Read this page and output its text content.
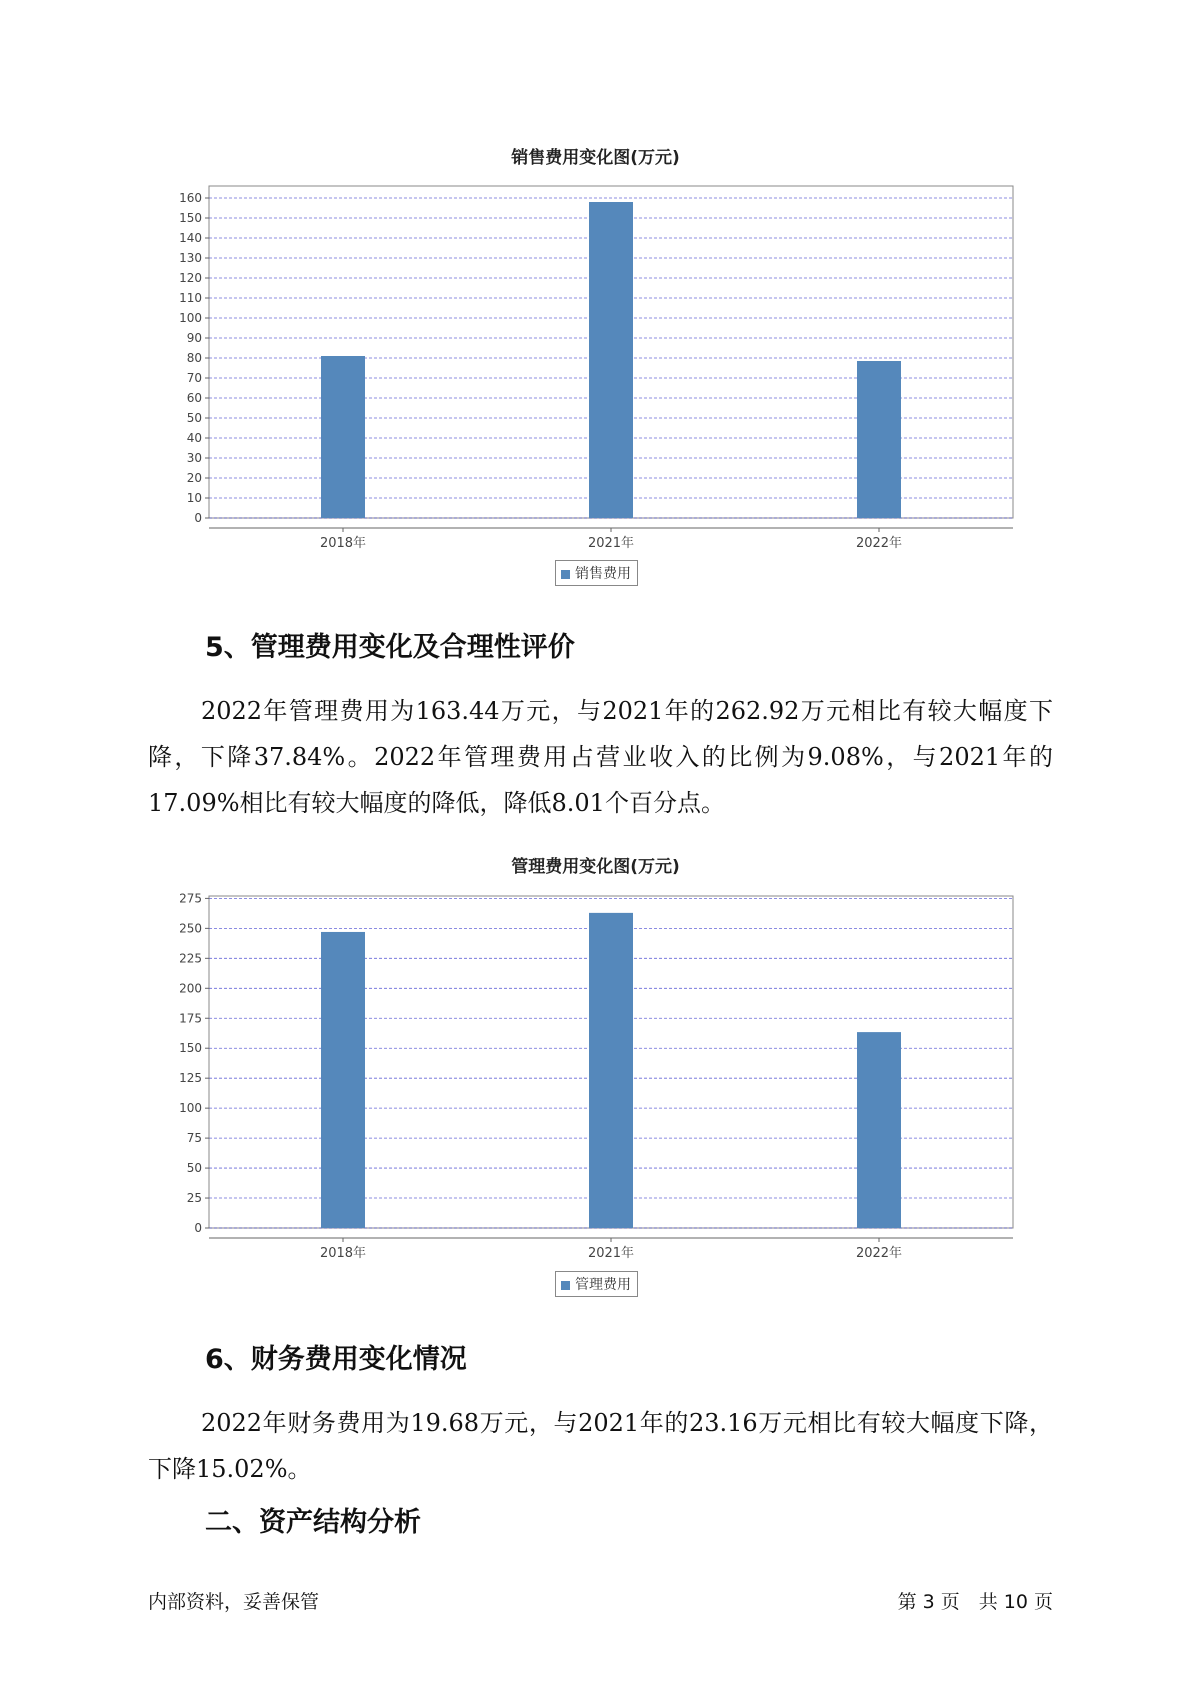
销售费用变化图(万元)
0
10
20
30
40
50
60
70
80
90
100
110
120
130
140
150
160
2018年	2021年	2022年
销售费用
5、管理费用变化及合理性评价

2022年管理费用为163.44万元，与2021年的262.92万元相比有较大幅度下降，下降37.84%。2022年管理费用占营业收入的比例为9.08%，与2021年的17.09%相比有较大幅度的降低，降低8.01个百分点。

管理费用变化图(万元)
0
25
50
75
100
125
150
175
200
225
250
275
2018年	2021年	2022年
管理费用
6、财务费用变化情况

2022年财务费用为19.68万元，与2021年的23.16万元相比有较大幅度下降，下降15.02%。

二、资产结构分析
内部资料，妥善保管	第 3 页　共 10 页
